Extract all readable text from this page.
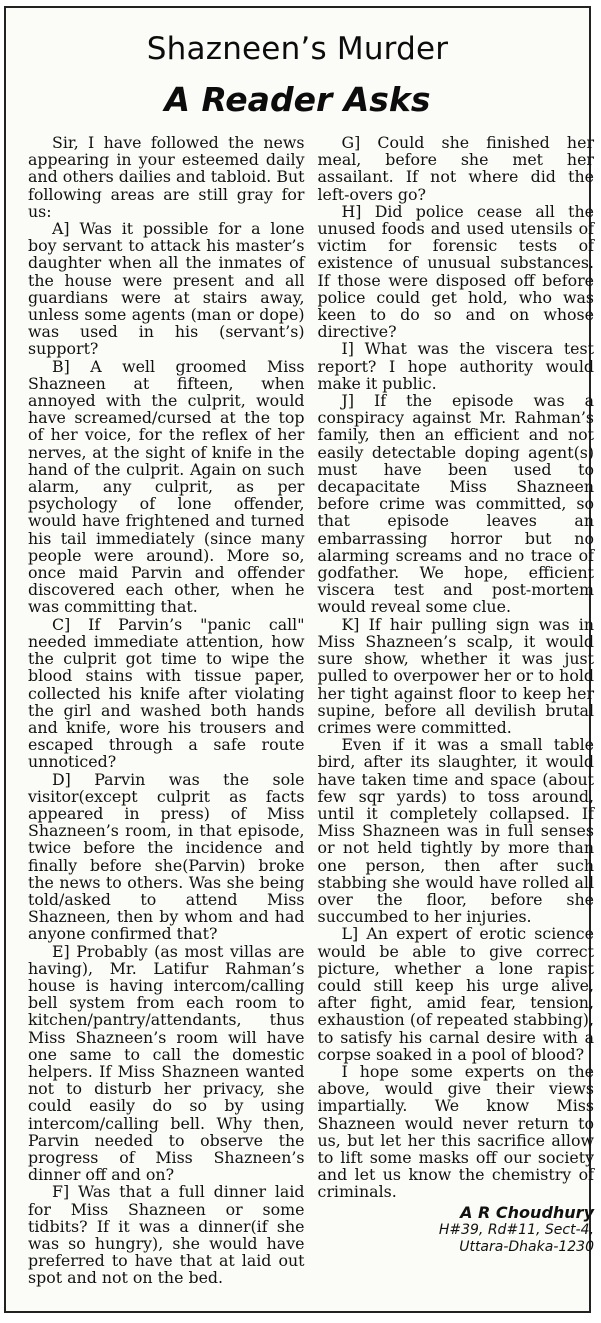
Shazneen’s Murder
A Reader Asks

Sir, I have followed the news appearing in your esteemed daily and others dailies and tabloid. But following areas are still gray for us:

A] Was it possible for a lone boy servant to attack his master’s daughter when all the inmates of the house were present and all guardians were at stairs away, unless some agents (man or dope) was used in his (servant’s) support?

B] A well groomed Miss Shazneen at fifteen, when annoyed with the culprit, would have screamed/cursed at the top of her voice, for the reflex of her nerves, at the sight of knife in the hand of the culprit. Again on such alarm, any culprit, as per psychology of lone offender, would have frightened and turned his tail immediately (since many people were around). More so, once maid Parvin and offender discovered each other, when he was committing that.

C] If Parvin’s "panic call" needed immediate attention, how the culprit got time to wipe the blood stains with tissue paper, collected his knife after violating the girl and washed both hands and knife, wore his trousers and escaped through a safe route unnoticed?

D] Parvin was the sole visitor(except culprit as facts appeared in press) of Miss Shazneen’s room, in that episode, twice before the incidence and finally before she(Parvin) broke the news to others. Was she being told/asked to attend Miss Shazneen, then by whom and had anyone confirmed that?

E] Probably (as most villas are having), Mr. Latifur Rahman’s house is having intercom/calling bell system from each room to kitchen/pantry/attendants, thus Miss Shazneen’s room will have one same to call the domestic helpers. If Miss Shazneen wanted not to disturb her privacy, she could easily do so by using intercom/calling bell. Why then, Parvin needed to observe the progress of Miss Shazneen’s dinner off and on?

F] Was that a full dinner laid for Miss Shazneen or some tidbits? If it was a dinner(if she was so hungry), she would have preferred to have that at laid out spot and not on the bed.

G] Could she finished her meal, before she met her assailant. If not where did the left-overs go?

H] Did police cease all the unused foods and used utensils of victim for forensic tests of existence of unusual substances. If those were disposed off before police could get hold, who was keen to do so and on whose directive?

I] What was the viscera test report? I hope authority would make it public.

J] If the episode was a conspiracy against Mr. Rahman’s family, then an efficient and not easily detectable doping agent(s) must have been used to decapacitate Miss Shazneen before crime was committed, so that episode leaves an embarrassing horror but no alarming screams and no trace of godfather. We hope, efficient viscera test and post-mortem would reveal some clue.

K] If hair pulling sign was in Miss Shazneen’s scalp, it would sure show, whether it was just pulled to overpower her or to hold her tight against floor to keep her supine, before all devilish brutal crimes were committed.

Even if it was a small table bird, after its slaughter, it would have taken time and space (about few sqr yards) to toss around, until it completely collapsed. If Miss Shazneen was in full senses or not held tightly by more than one person, then after such stabbing she would have rolled all over the floor, before she succumbed to her injuries.

L] An expert of erotic science would be able to give correct picture, whether a lone rapist could still keep his urge alive, after fight, amid fear, tension, exhaustion (of repeated stabbing), to satisfy his carnal desire with a corpse soaked in a pool of blood?

I hope some experts on the above, would give their views impartially. We know Miss Shazneen would never return to us, but let her this sacrifice allow to lift some masks off our society and let us know the chemistry of criminals.

A R Choudhury
H#39, Rd#11, Sect-4,
Uttara-Dhaka-1230
